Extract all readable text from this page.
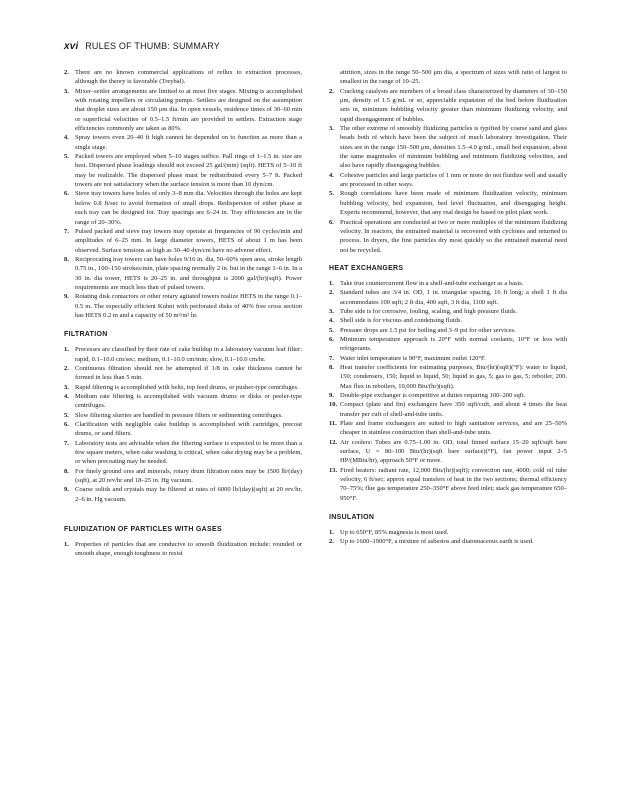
xvi RULES OF THUMB: SUMMARY
2. There are no known commercial applications of reflux to extraction processes, although the theory is favorable (Treybal).
3. Mixer–settler arrangements are limited to at most five stages. Mixing is accomplished with rotating impellers or circulating pumps. Settlers are designed on the assumption that droplet sizes are about 150 μm dia. In open vessels, residence times of 30–60 min or superficial velocities of 0.5–1.5 ft/min are provided in settlers. Extraction stage efficiencies commonly are taken as 80%.
4. Spray towers even 20–40 ft high cannot be depended on to function as more than a single stage.
5. Packed towers are employed when 5–10 stages suffice. Pall rings of 1–1.5 in. size are best. Dispersed phase loadings should not exceed 25 gal/(min) (sqft). HETS of 5–10 ft may be realizable. The dispersed phase must be redistributed every 5–7 ft. Packed towers are not satisfactory when the surface tension is more than 10 dyn/cm.
6. Sieve tray towers have holes of only 3–8 mm dia. Velocities through the holes are kept below 0.8 ft/sec to avoid formation of small drops. Redispersion of either phase at each tray can be designed for. Tray spacings are 6–24 in. Tray efficiencies are in the range of 20–30%.
7. Pulsed packed and sieve tray towers may operate at frequencies of 90 cycles/min and amplitudes of 6–25 mm. In large diameter towers, HETS of about 1 m has been observed. Surface tensions as high as 30–40 dyn/cm have no adverse effect.
8. Reciprocating tray towers can have holes 9/16 in. dia, 50–60% open area, stroke length 0.75 in., 100–150 strokes/min, plate spacing normally 2 in. but in the range 1–6 in. In a 30 in. dia tower, HETS is 20–25 in. and throughput is 2000 gal/(hr)(sqft). Power requirements are much less than of pulsed towers.
9. Rotating disk contactors or other rotary agitated towers realize HETS in the range 0.1–0.5 m. The especially efficient Kuhni with perforated disks of 40% free cross section has HETS 0.2 m and a capacity of 50 m³/m² hr.
FILTRATION
1. Processes are classified by their rate of cake buildup in a laboratory vacuum leaf filter: rapid, 0.1–10.0 cm/sec; medium, 0.1–10.0 cm/min; slow, 0.1–10.0 cm/hr.
2. Continuous filtration should not be attempted if 1/8 in. cake thickness cannot be formed in less than 5 min.
3. Rapid filtering is accomplished with belts, top feed drums, or pusher-type centrifuges.
4. Medium rate filtering is accomplished with vacuum drums or disks or peeler-type centrifuges.
5. Slow filtering slurries are handled in pressure filters or sedimenting centrifuges.
6. Clarification with negligible cake buildup is accomplished with cartridges, precoat drums, or sand filters.
7. Laboratory tests are advisable when the filtering surface is expected to be more than a few square meters, when cake washing is critical, when cake drying may be a problem, or when precoating may be needed.
8. For finely ground ores and minerals, rotary drum filtration rates may be 1500 lb/(day)(sqft), at 20 rev/hr and 18–25 in. Hg vacuum.
9. Coarse solids and crystals may be filtered at rates of 6000 lb/(day)(sqft) at 20 rev/hr, 2–6 in. Hg vacuum.
FLUIDIZATION OF PARTICLES WITH GASES
1. Properties of particles that are conducive to smooth fluidization include: rounded or smooth shape, enough toughness to resist
attrition, sizes in the range 50–500 μm dia, a spectrum of sizes with ratio of largest to smallest in the range of 10–25.
2. Cracking catalysts are members of a broad class characterized by diameters of 30–150 μm, density of 1.5 g/mL or so, appreciable expansion of the bed before fluidization sets in, minimum bubbling velocity greater than minimum fluidizing velocity, and rapid disengagement of bubbles.
3. The other extreme of smoothly fluidizing particles is typified by coarse sand and glass beads both of which have been the subject of much laboratory investigation. Their sizes are in the range 150–500 μm, densities 1.5–4.0 g/mL, small bed expansion, about the same magnitudes of minimum bubbling and minimum fluidizing velocities, and also have rapidly disengaging bubbles.
4. Cohesive particles and large particles of 1 mm or more do not fluidize well and usually are processed in other ways.
5. Rough correlations have been made of minimum fluidization velocity, minimum bubbling velocity, bed expansion, bed level fluctuation, and disengaging height. Experts recommend, however, that any real design be based on pilot plant work.
6. Practical operations are conducted at two or more multiples of the minimum fluidizing velocity. In reactors, the entrained material is recovered with cyclones and returned to process. In dryers, the fine particles dry most quickly so the entrained material need not be recycled.
HEAT EXCHANGERS
1. Take true countercurrent flow in a shell-and-tube exchanger as a basis.
2. Standard tubes are 3/4 in. OD, 1 in. triangular spacing, 16 ft long; a shell 1 ft dia accommodates 100 sqft; 2 ft dia, 400 sqft, 3 ft dia, 1100 sqft.
3. Tube side is for corrosive, fouling, scaling, and high pressure fluids.
4. Shell side is for viscous and condensing fluids.
5. Pressure drops are 1.5 psi for boiling and 3–9 psi for other services.
6. Minimum temperature approach is 20°F with normal coolants, 10°F or less with refrigerants.
7. Water inlet temperature is 90°F, maximum outlet 120°F.
8. Heat transfer coefficients for estimating purposes, Btu/(hr)(sqft)(°F): water to liquid, 150; condensers, 150; liquid to liquid, 50; liquid to gas, 5; gas to gas, 5; reboiler, 200. Max flux in reboilers, 10,000 Btu/(hr)(sqft).
9. Double-pipe exchanger is competitive at duties requiring 100–200 sqft.
10. Compact (plate and fin) exchangers have 350 sqft/cuft, and about 4 times the heat transfer per cuft of shell-and-tube units.
11. Plate and frame exchangers are suited to high sanitation services, and are 25–50% cheaper in stainless construction than shell-and-tube units.
12. Air coolers: Tubes are 0.75–1.00 in. OD, total finned surface 15–20 sqft/sqft bare surface, U = 80–100 Btu/(hr)(sqft bare surface)(°F), fan power input 2–5 HP/(MBtu/hr), approach 50°F or more.
13. Fired heaters: radiant rate, 12,000 Btu/(hr)(sqft); convection rate, 4000; cold oil tube velocity, 6 ft/sec; approx equal transfers of heat in the two sections; thermal efficiency 70–75%; flue gas temperature 250–350°F above feed inlet; stack gas temperature 650–950°F.
INSULATION
1. Up to 650°F, 85% magnesia is most used.
2. Up to 1600–1900°F, a mixture of asbestos and diatomaceous earth is used.
